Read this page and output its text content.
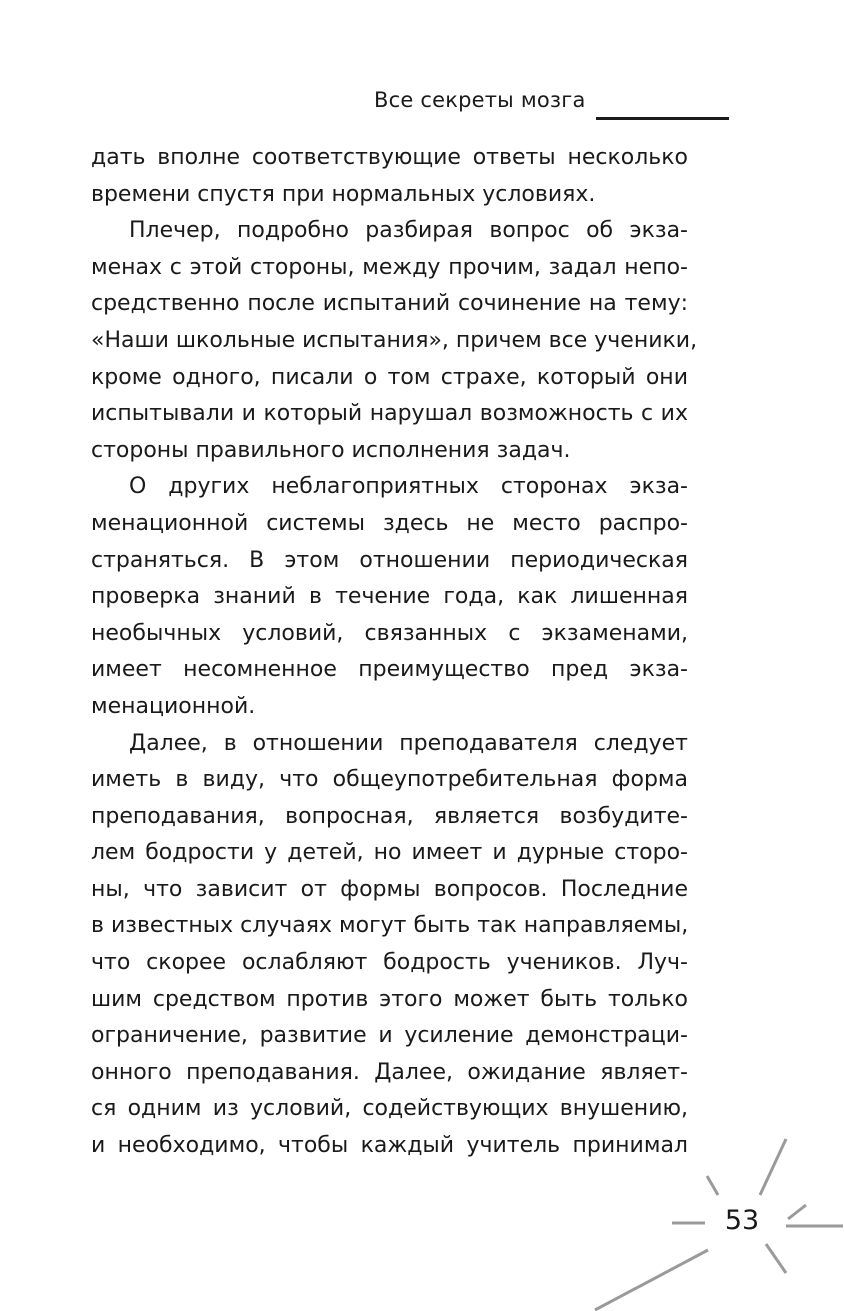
Все секреты мозга
дать вполне соответствующие ответы несколько
времени спустя при нормальных условиях.
Плечер, подробно разбирая вопрос об экза-
менах с этой стороны, между прочим, задал непо-
средственно после испытаний сочинение на тему:
«Наши школьные испытания», причем все ученики,
кроме одного, писали о том страхе, который они
испытывали и который нарушал возможность с их
стороны правильного исполнения задач.
О других неблагоприятных сторонах экза-
менационной системы здесь не место распро-
страняться. В этом отношении периодическая
проверка знаний в течение года, как лишенная
необычных условий, связанных с экзаменами,
имеет несомненное преимущество пред экза-
менационной.
Далее, в отношении преподавателя следует
иметь в виду, что общеупотребительная форма
преподавания, вопросная, является возбудите-
лем бодрости у детей, но имеет и дурные сторо-
ны, что зависит от формы вопросов. Последние
в известных случаях могут быть так направляемы,
что скорее ослабляют бодрость учеников. Луч-
шим средством против этого может быть только
ограничение, развитие и усиление демонстраци-
онного преподавания. Далее, ожидание являет-
ся одним из условий, содействующих внушению,
и необходимо, чтобы каждый учитель принимал
53
